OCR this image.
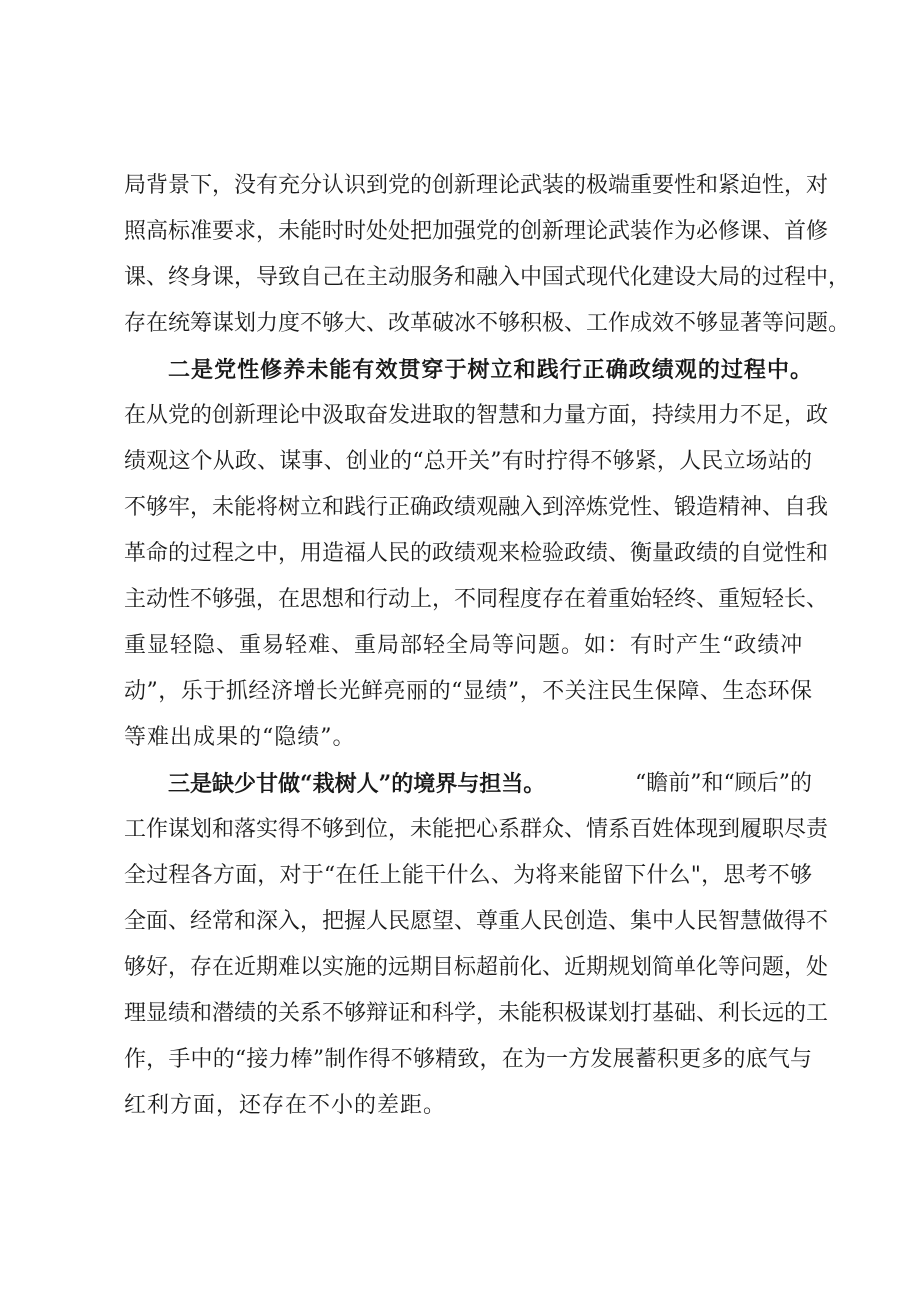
局背景下，没有充分认识到党的创新理论武装的极端重要性和紧迫性，对

照高标准要求，未能时时处处把加强党的创新理论武装作为必修课、首修

课、终身课，导致自己在主动服务和融入中国式现代化建设大局的过程中，

存在统筹谋划力度不够大、改革破冰不够积极、工作成效不够显著等问题。

二是党性修养未能有效贯穿于树立和践行正确政绩观的过程中。

在从党的创新理论中汲取奋发进取的智慧和力量方面，持续用力不足，政

绩观这个从政、谋事、创业的“总开关”有时拧得不够紧，人民立场站的

不够牢，未能将树立和践行正确政绩观融入到淬炼党性、锻造精神、自我

革命的过程之中，用造福人民的政绩观来检验政绩、衡量政绩的自觉性和

主动性不够强，在思想和行动上，不同程度存在着重始轻终、重短轻长、

重显轻隐、重易轻难、重局部轻全局等问题。如：有时产生“政绩冲

动”，乐于抓经济增长光鲜亮丽的“显绩”，不关注民生保障、生态环保

等难出成果的“隐绩”。

三是缺少甘做“栽树人”的境界与担当。	“瞻前”和“顾后”的

工作谋划和落实得不够到位，未能把心系群众、情系百姓体现到履职尽责

全过程各方面，对于“在任上能干什么、为将来能留下什么"，思考不够

全面、经常和深入，把握人民愿望、尊重人民创造、集中人民智慧做得不

够好，存在近期难以实施的远期目标超前化、近期规划简单化等问题，处

理显绩和潜绩的关系不够辩证和科学，未能积极谋划打基础、利长远的工

作，手中的“接力棒”制作得不够精致，在为一方发展蓄积更多的底气与

红利方面，还存在不小的差距。
